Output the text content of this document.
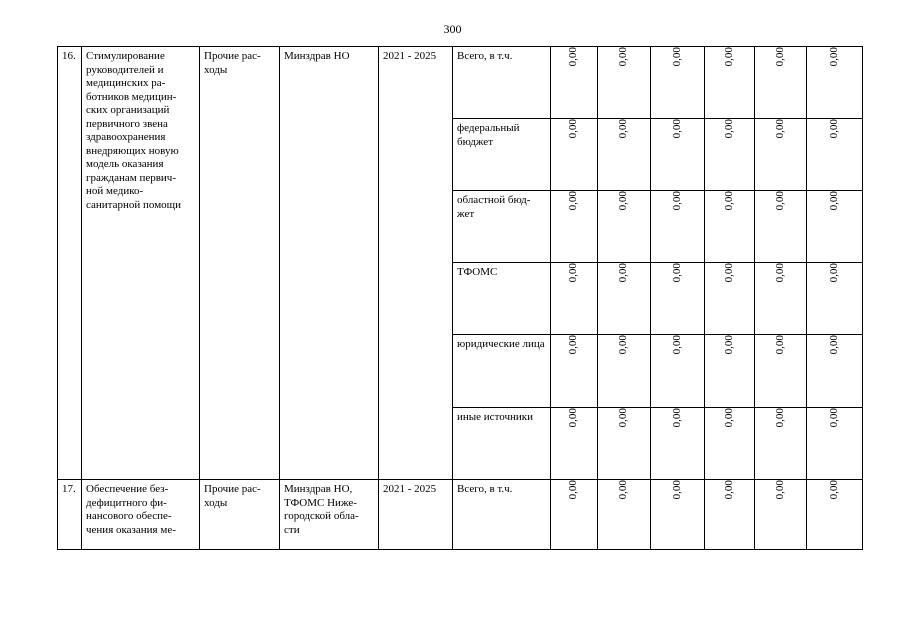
300
16.	Стимулирование руководителей и медицинских ра- ботников медицин- ских организаций первичного звена здравоохранения внедряющих новую модель оказания гражданам первич- ной медико- санитарной помощи	Прочие рас- ходы	Минздрав НО	2021 - 2025	Всего, в т.ч.	0,00	0,00	0,00	0,00	0,00	0,00
					федеральный бюджет	0,00	0,00	0,00	0,00	0,00	0,00
					областной бюд- жет	0,00	0,00	0,00	0,00	0,00	0,00
					ТФОМС	0,00	0,00	0,00	0,00	0,00	0,00
					юридические лица	0,00	0,00	0,00	0,00	0,00	0,00
					иные источники	0,00	0,00	0,00	0,00	0,00	0,00
17.	Обеспечение без- дефицитного фи- нансового обеспе- чения оказания ме-	Прочие рас- ходы	Минздрав НО, ТФОМС Ниже- городской обла- сти	2021 - 2025	Всего, в т.ч.	0,00	0,00	0,00	0,00	0,00	0,00
